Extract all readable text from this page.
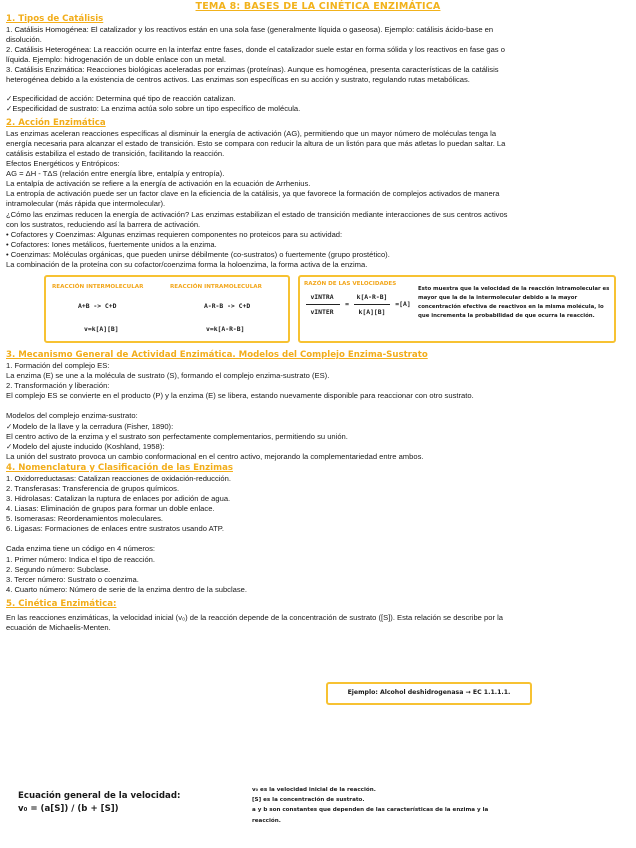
TEMA 8: BASES DE LA CINÉTICA ENZIMÁTICA
1. Tipos de Catálisis

1. Catálisis Homogénea: El catalizador y los reactivos están en una sola fase (generalmente líquida o gaseosa). Ejemplo: catálisis ácido-base en

disolución.

2. Catálisis Heterogénea: La reacción ocurre en la interfaz entre fases, donde el catalizador suele estar en forma sólida y los reactivos en fase gas o

líquida. Ejemplo: hidrogenación de un doble enlace con un metal.

3. Catálisis Enzimática: Reacciones biológicas aceleradas por enzimas (proteínas). Aunque es homogénea, presenta características de la catálisis

heterogénea debido a la existencia de centros activos. Las enzimas son específicas en su acción y sustrato, regulando rutas metabólicas.

✓Especificidad de acción: Determina qué tipo de reacción catalizan.

✓Especificidad de sustrato: La enzima actúa solo sobre un tipo específico de molécula.

2. Acción Enzimática

Las enzimas aceleran reacciones específicas al disminuir la energía de activación (AG), permitiendo que un mayor número de moléculas tenga la

energía necesaria para alcanzar el estado de transición. Esto se compara con reducir la altura de un listón para que más atletas lo puedan saltar. La

catálisis estabiliza el estado de transición, facilitando la reacción.

Efectos Energéticos y Entrópicos:

AG = ΔH - TΔS (relación entre energía libre, entalpía y entropía).

La entalpía de activación se refiere a la energía de activación en la ecuación de Arrhenius.

La entropía de activación puede ser un factor clave en la eficiencia de la catálisis, ya que favorece la formación de complejos activados de manera

intramolecular (más rápida que intermolecular).

¿Cómo las enzimas reducen la energía de activación? Las enzimas estabilizan el estado de transición mediante interacciones de sus centros activos

con los sustratos, reduciendo así la barrera de activación.

• Cofactores y Coenzimas: Algunas enzimas requieren componentes no proteicos para su actividad:

• Cofactores: Iones metálicos, fuertemente unidos a la enzima.

• Coenzimas: Moléculas orgánicas, que pueden unirse débilmente (co-sustratos) o fuertemente (grupo prostético).

La combinación de la proteína con su cofactor/coenzima forma la holoenzima, la forma activa de la enzima.

REACCIÓN INTERMOLECULAR	REACCIÓN INTRAMOLECULAR
A+B -> C+D	A-R-B -> C+D
v=k[A][B]	v=k[A-R-B]
RAZÓN DE LAS VELOCIDADES
vINTRA
vINTER
=
k[A-R-B]
k[A][B]
=[A]
Esto muestra que la velocidad de la reacción intramolecular es mayor que la de la intermolecular debido a la mayor concentración efectiva de reactivos en la misma molécula, lo que incrementa la probabilidad de que ocurra la reacción.
3. Mecanismo General de Actividad Enzimática. Modelos del Complejo Enzima-Sustrato

1. Formación del complejo ES:

La enzima (E) se une a la molécula de sustrato (S), formando el complejo enzima-sustrato (ES).

2. Transformación y liberación:

El complejo ES se convierte en el producto (P) y la enzima (E) se libera, estando nuevamente disponible para reaccionar con otro sustrato.

Modelos del complejo enzima-sustrato:

✓Modelo de la llave y la cerradura (Fisher, 1890):

El centro activo de la enzima y el sustrato son perfectamente complementarios, permitiendo su unión.

✓Modelo del ajuste inducido (Koshland, 1958):

La unión del sustrato provoca un cambio conformacional en el centro activo, mejorando la complementariedad entre ambos.

4. Nomenclatura y Clasificación de las Enzimas

1. Oxidorreductasas: Catalizan reacciones de oxidación-reducción.

2. Transferasas: Transferencia de grupos químicos.

3. Hidrolasas: Catalizan la ruptura de enlaces por adición de agua.

4. Liasas: Eliminación de grupos para formar un doble enlace.

5. Isomerasas: Reordenamientos moleculares.

6. Ligasas: Formaciones de enlaces entre sustratos usando ATP.

Cada enzima tiene un código en 4 números:

1. Primer número: Indica el tipo de reacción.

2. Segundo número: Subclase.

3. Tercer número: Sustrato o coenzima.

4. Cuarto número: Número de serie de la enzima dentro de la subclase.

5. Cinética Enzimática:

En las reacciones enzimáticas, la velocidad inicial (v₀) de la reacción depende de la concentración de sustrato ([S]). Esta relación se describe por la

ecuación de Michaelis-Menten.

Ejemplo: Alcohol deshidrogenasa → EC 1.1.1.1.
Ecuación general de la velocidad:
v₀ = (a[S]) / (b + [S])
v₀ es la velocidad inicial de la reacción.
[S] es la concentración de sustrato.
a y b son constantes que dependen de las características de la enzima y la
reacción.
